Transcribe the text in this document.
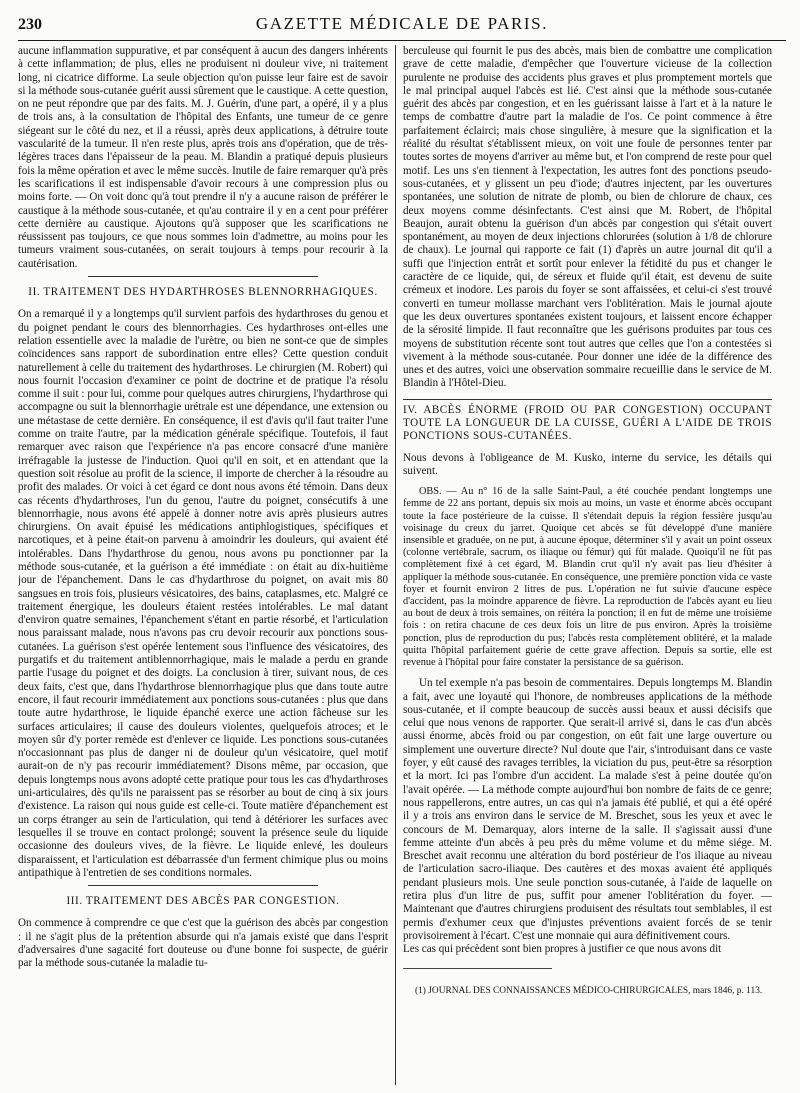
230	GAZETTE MÉDICALE DE PARIS.

aucune inflammation suppurative, et par conséquent à aucun des dangers inhérents à cette inflammation; de plus, elles ne produisent ni douleur vive, ni traitement long, ni cicatrice difforme. La seule objection qu'on puisse leur faire est de savoir si la méthode sous-cutanée guérit aussi sûrement que le caustique. A cette question, on ne peut répondre que par des faits. M. J. Guérin, d'une part, a opéré, il y a plus de trois ans, à la consultation de l'hôpital des Enfants, une tumeur de ce genre siégeant sur le côté du nez, et il a réussi, après deux applications, à détruire toute vascularité de la tumeur. Il n'en reste plus, après trois ans d'opération, que de très-légères traces dans l'épaisseur de la peau. M. Blandin a pratiqué depuis plusieurs fois la même opération et avec le même succès. Inutile de faire remarquer qu'à près les scarifications il est indispensable d'avoir recours à une compression plus ou moins forte. — On voit donc qu'à tout prendre il n'y a aucune raison de préférer le caustique à la méthode sous-cutanée, et qu'au contraire il y en a cent pour préférer cette dernière au caustique. Ajoutons qu'à supposer que les scarifications ne réussissent pas toujours, ce que nous sommes loin d'admettre, au moins pour les tumeurs vraiment sous-cutanées, on serait toujours à temps pour recourir à la cautérisation.

II. TRAITEMENT DES HYDARTHROSES BLENNORRHAGIQUES.

On a remarqué il y a longtemps qu'il survient parfois des hydarthroses du genou et du poignet pendant le cours des blennorrhagies. Ces hydarthroses ont-elles une relation essentielle avec la maladie de l'urètre, ou bien ne sont-ce que de simples coïncidences sans rapport de subordination entre elles? Cette question conduit naturellement à celle du traitement des hydarthroses. Le chirurgien (M. Robert) qui nous fournit l'occasion d'examiner ce point de doctrine et de pratique l'a résolu comme il suit : pour lui, comme pour quelques autres chirurgiens, l'hydarthrose qui accompagne ou suit la blennorrhagie urétrale est une dépendance, une extension ou une métastase de cette dernière. En conséquence, il est d'avis qu'il faut traiter l'une comme on traite l'autre, par la médication générale spécifique. Toutefois, il faut remarquer avec raison que l'expérience n'a pas encore consacré d'une manière irréfragable la justesse de l'induction. Quoi qu'il en soit, et en attendant que la question soit résolue au profit de la science, il importe de chercher à la résoudre au profit des malades. Or voici à cet égard ce dont nous avons été témoin. Dans deux cas récents d'hydarthroses, l'un du genou, l'autre du poignet, consécutifs à une blennorrhagie, nous avons été appelé à donner notre avis après plusieurs autres chirurgiens. On avait épuisé les médications antiphlogistiques, spécifiques et narcotiques, et à peine était-on parvenu à amoindrir les douleurs, qui avaient été intolérables. Dans l'hydarthrose du genou, nous avons pu ponctionner par la méthode sous-cutanée, et la guérison a été immédiate : on était au dix-huitième jour de l'épanchement. Dans le cas d'hydarthrose du poignet, on avait mis 80 sangsues en trois fois, plusieurs vésicatoires, des bains, cataplasmes, etc. Malgré ce traitement énergique, les douleurs étaient restées intolérables. Le mal datant d'environ quatre semaines, l'épanchement s'étant en partie résorbé, et l'articulation nous paraissant malade, nous n'avons pas cru devoir recourir aux ponctions sous-cutanées. La guérison s'est opérée lentement sous l'influence des vésicatoires, des purgatifs et du traitement antiblennorrhagique, mais le malade a perdu en grande partie l'usage du poignet et des doigts. La conclusion à tirer, suivant nous, de ces deux faits, c'est que, dans l'hydarthrose blennorrhagique plus que dans toute autre encore, il faut recourir immédiatement aux ponctions sous-cutanées : plus que dans toute autre hydarthrose, le liquide épanché exerce une action fâcheuse sur les surfaces articulaires; il cause des douleurs violentes, quelquefois atroces; et le moyen sûr d'y porter remède est d'enlever ce liquide. Les ponctions sous-cutanées n'occasionnant pas plus de danger ni de douleur qu'un vésicatoire, quel motif aurait-on de n'y pas recourir immédiatement? Disons même, par occasion, que depuis longtemps nous avons adopté cette pratique pour tous les cas d'hydarthroses uni-articulaires, dès qu'ils ne paraissent pas se résorber au bout de cinq à six jours d'existence. La raison qui nous guide est celle-ci. Toute matière d'épanchement est un corps étranger au sein de l'articulation, qui tend à détériorer les surfaces avec lesquelles il se trouve en contact prolongé; souvent la présence seule du liquide occasionne des douleurs vives, de la fièvre. Le liquide enlevé, les douleurs disparaissent, et l'articulation est débarrassée d'un ferment chimique plus ou moins antipathique à l'entretien de ses conditions normales.

III. TRAITEMENT DES ABCÈS PAR CONGESTION.

On commence à comprendre ce que c'est que la guérison des abcès par congestion : il ne s'agit plus de la prétention absurde qui n'a jamais existé que dans l'esprit d'adversaires d'une sagacité fort douteuse ou d'une bonne foi suspecte, de guérir par la méthode sous-cutanée la maladie tu-

berculeuse qui fournit le pus des abcès, mais bien de combattre une complication grave de cette maladie, d'empêcher que l'ouverture vicieuse de la collection purulente ne produise des accidents plus graves et plus promptement mortels que le mal principal auquel l'abcès est lié. C'est ainsi que la méthode sous-cutanée guérit des abcès par congestion, et en les guérissant laisse à l'art et à la nature le temps de combattre d'autre part la maladie de l'os. Ce point commence à être parfaitement éclairci; mais chose singulière, à mesure que la signification et la réalité du résultat s'établissent mieux, on voit une foule de personnes tenter par toutes sortes de moyens d'arriver au même but, et l'on comprend de reste pour quel motif. Les uns s'en tiennent à l'expectation, les autres font des ponctions pseudo-sous-cutanées, et y glissent un peu d'iode; d'autres injectent, par les ouvertures spontanées, une solution de nitrate de plomb, ou bien de chlorure de chaux, ces deux moyens comme désinfectants. C'est ainsi que M. Robert, de l'hôpital Beaujon, aurait obtenu la guérison d'un abcès par congestion qui s'était ouvert spontanément, au moyen de deux injections chlorurées (solution à 1/8 de chlorure de chaux). Le journal qui rapporte ce fait (1) d'après un autre journal dit qu'il a suffi que l'injection entrât et sortît pour enlever la fétidité du pus et changer le caractère de ce liquide, qui, de séreux et fluide qu'il était, est devenu de suite crémeux et inodore. Les parois du foyer se sont affaissées, et celui-ci s'est trouvé converti en tumeur mollasse marchant vers l'oblitération. Mais le journal ajoute que les deux ouvertures spontanées existent toujours, et laissent encore échapper de la sérosité limpide. Il faut reconnaître que les guérisons produites par tous ces moyens de substitution récente sont tout autres que celles que l'on a contestées si vivement à la méthode sous-cutanée. Pour donner une idée de la différence des unes et des autres, voici une observation sommaire recueillie dans le service de M. Blandin à l'Hôtel-Dieu.

IV. ABCÈS ÉNORME (FROID OU PAR CONGESTION) OCCUPANT TOUTE LA LONGUEUR DE LA CUISSE, GUÉRI A L'AIDE DE TROIS PONCTIONS SOUS-CUTANÉES.

Nous devons à l'obligeance de M. Kusko, interne du service, les détails qui suivent.

OBS. — Au n° 16 de la salle Saint-Paul, a été couchée pendant longtemps une femme de 22 ans portant, depuis six mois au moins, un vaste et énorme abcès occupant toute la face postérieure de la cuisse. Il s'étendait depuis la région fessière jusqu'au voisinage du creux du jarret. Quoique cet abcès se fût développé d'une manière insensible et graduée, on ne put, à aucune époque, déterminer s'il y avait un point osseux (colonne vertébrale, sacrum, os iliaque ou fémur) qui fût malade. Quoiqu'il ne fût pas complètement fixé à cet égard, M. Blandin crut qu'il n'y avait pas lieu d'hésiter à appliquer la méthode sous-cutanée. En conséquence, une première ponction vida ce vaste foyer et fournit environ 2 litres de pus. L'opération ne fut suivie d'aucune espèce d'accident, pas la moindre apparence de fièvre. La reproduction de l'abcès ayant eu lieu au bout de deux à trois semaines, on réitéra la ponction; il en fut de même une troisième fois : on retira chacune de ces deux fois un litre de pus environ. Après la troisième ponction, plus de reproduction du pus; l'abcès resta complètement oblitéré, et la malade quitta l'hôpital parfaitement guérie de cette grave affection. Depuis sa sortie, elle est revenue à l'hôpital pour faire constater la persistance de sa guérison.

Un tel exemple n'a pas besoin de commentaires. Depuis longtemps M. Blandin a fait, avec une loyauté qui l'honore, de nombreuses applications de la méthode sous-cutanée, et il compte beaucoup de succès aussi beaux et aussi décisifs que celui que nous venons de rapporter. Que serait-il arrivé si, dans le cas d'un abcès aussi énorme, abcès froid ou par congestion, on eût fait une large ouverture ou simplement une ouverture directe? Nul doute que l'air, s'introduisant dans ce vaste foyer, y eût causé des ravages terribles, la viciation du pus, peut-être sa résorption et la mort. Ici pas l'ombre d'un accident. La malade s'est à peine doutée qu'on l'avait opérée. — La méthode compte aujourd'hui bon nombre de faits de ce genre; nous rappellerons, entre autres, un cas qui n'a jamais été publié, et qui a été opéré il y a trois ans environ dans le service de M. Breschet, sous les yeux et avec le concours de M. Demarquay, alors interne de la salle. Il s'agissait aussi d'une femme atteinte d'un abcès à peu près du même volume et du même siége. M. Breschet avait reconnu une altération du bord postérieur de l'os iliaque au niveau de l'articulation sacro-iliaque. Des cautères et des moxas avaient été appliqués pendant plusieurs mois. Une seule ponction sous-cutanée, à l'aide de laquelle on retira plus d'un litre de pus, suffit pour amener l'oblitération du foyer. — Maintenant que d'autres chirurgiens produisent des résultats tout semblables, il est permis d'exhumer ceux que d'injustes préventions avaient forcés de se tenir provisoirement à l'écart. C'est une monnaie qui aura définitivement cours.

Les cas qui précèdent sont bien propres à justifier ce que nous avons dit

(1) JOURNAL DES CONNAISSANCES MÉDICO-CHIRURGICALES, mars 1846, p. 113.
